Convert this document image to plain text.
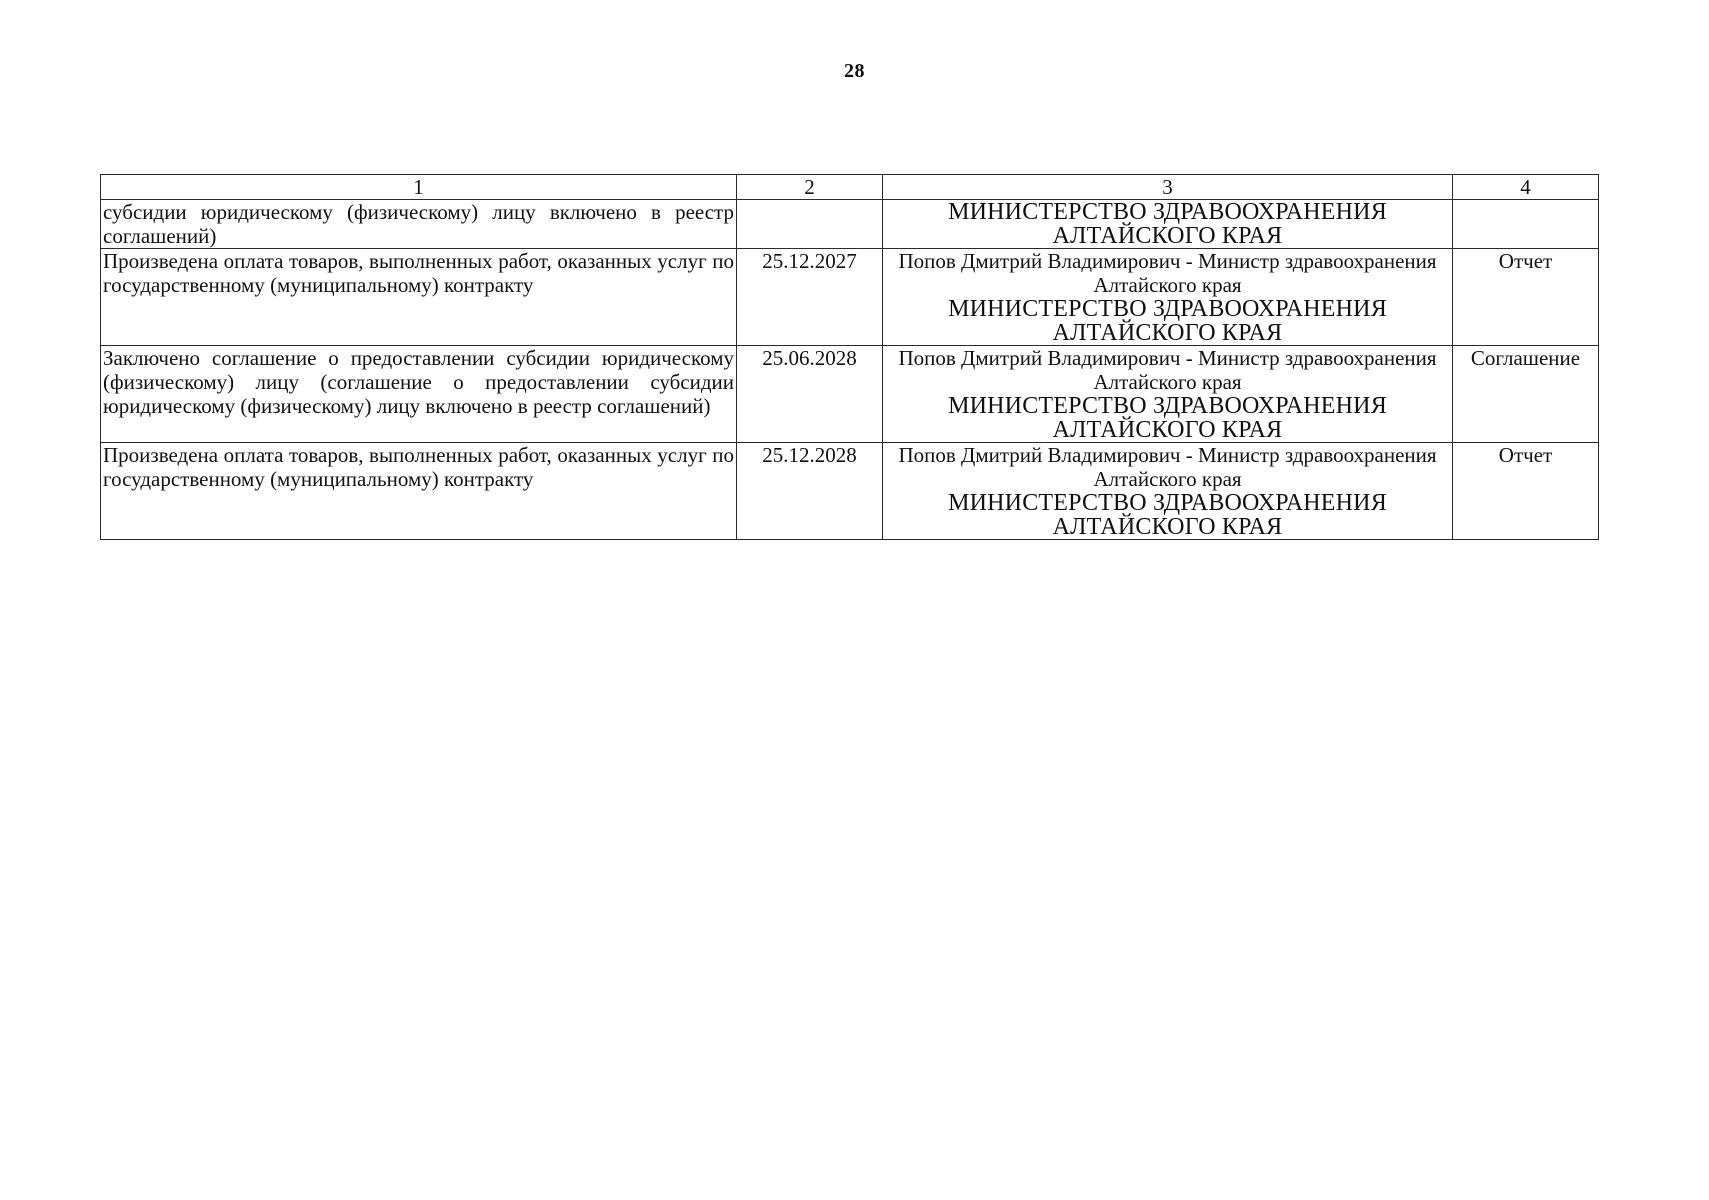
28
1	2	3	4
субсидии юридическому (физическому) лицу включено в реестр соглашений)		МИНИСТЕРСТВО ЗДРАВООХРАНЕНИЯ АЛТАЙСКОГО КРАЯ	

Произведена оплата товаров, выполненных работ, оказанных услуг по государственному (муниципальному) контракту	25.12.2027	Попов Дмитрий Владимирович - Министр здравоохранения Алтайского края
МИНИСТЕРСТВО ЗДРАВООХРАНЕНИЯ АЛТАЙСКОГО КРАЯ	Отчет
Заключено соглашение о предоставлении субсидии юридическому (физическому) лицу (соглашение о предоставлении субсидии юридическому (физическому) лицу включено в реестр соглашений)	25.06.2028	Попов Дмитрий Владимирович - Министр здравоохранения Алтайского края
МИНИСТЕРСТВО ЗДРАВООХРАНЕНИЯ АЛТАЙСКОГО КРАЯ	Соглашение
Произведена оплата товаров, выполненных работ, оказанных услуг по государственному (муниципальному) контракту	25.12.2028	Попов Дмитрий Владимирович - Министр здравоохранения Алтайского края
МИНИСТЕРСТВО ЗДРАВООХРАНЕНИЯ АЛТАЙСКОГО КРАЯ	Отчет
